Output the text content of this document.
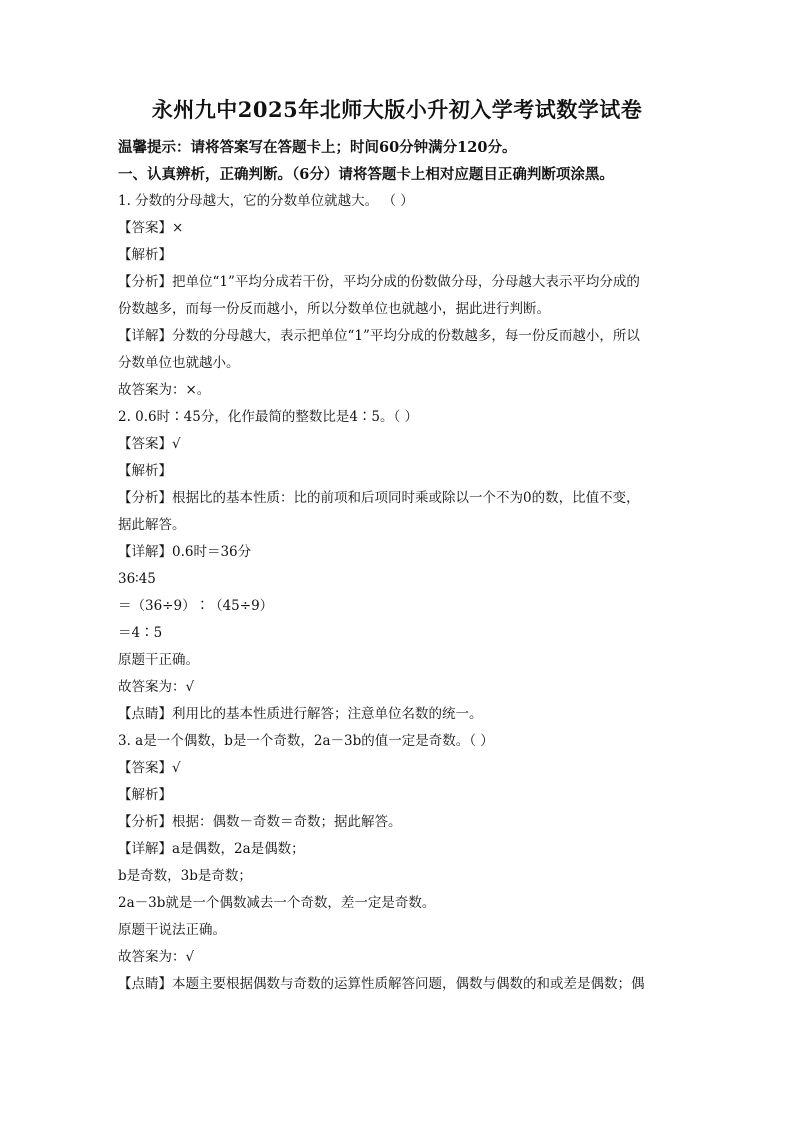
永州九中2025年北师大版小升初入学考试数学试卷
温馨提示：请将答案写在答题卡上；时间60分钟满分120分。
一、认真辨析，正确判断。（6分）请将答题卡上相对应题目正确判断项涂黑。
1. 分数的分母越大，它的分数单位就越大。 （ ）
【答案】×
【解析】
【分析】把单位“1”平均分成若干份，平均分成的份数做分母，分母越大表示平均分成的
份数越多，而每一份反而越小，所以分数单位也就越小，据此进行判断。
【详解】分数的分母越大，表示把单位“1”平均分成的份数越多，每一份反而越小，所以
分数单位也就越小。
故答案为：×。
2. 0.6时∶45分，化作最简的整数比是4∶5。（ ）
【答案】√
【解析】
【分析】根据比的基本性质：比的前项和后项同时乘或除以一个不为0的数，比值不变，
据此解答。
【详解】0.6时＝36分
36∶45
＝（36÷9）∶（45÷9）
＝4∶5
原题干正确。
故答案为：√
【点睛】利用比的基本性质进行解答；注意单位名数的统一。
3. a是一个偶数，b是一个奇数，2a－3b的值一定是奇数。（ ）
【答案】√
【解析】
【分析】根据：偶数－奇数＝奇数；据此解答。
【详解】a是偶数，2a是偶数；
b是奇数，3b是奇数；
2a－3b就是一个偶数减去一个奇数，差一定是奇数。
原题干说法正确。
故答案为：√
【点睛】本题主要根据偶数与奇数的运算性质解答问题，偶数与偶数的和或差是偶数；偶
